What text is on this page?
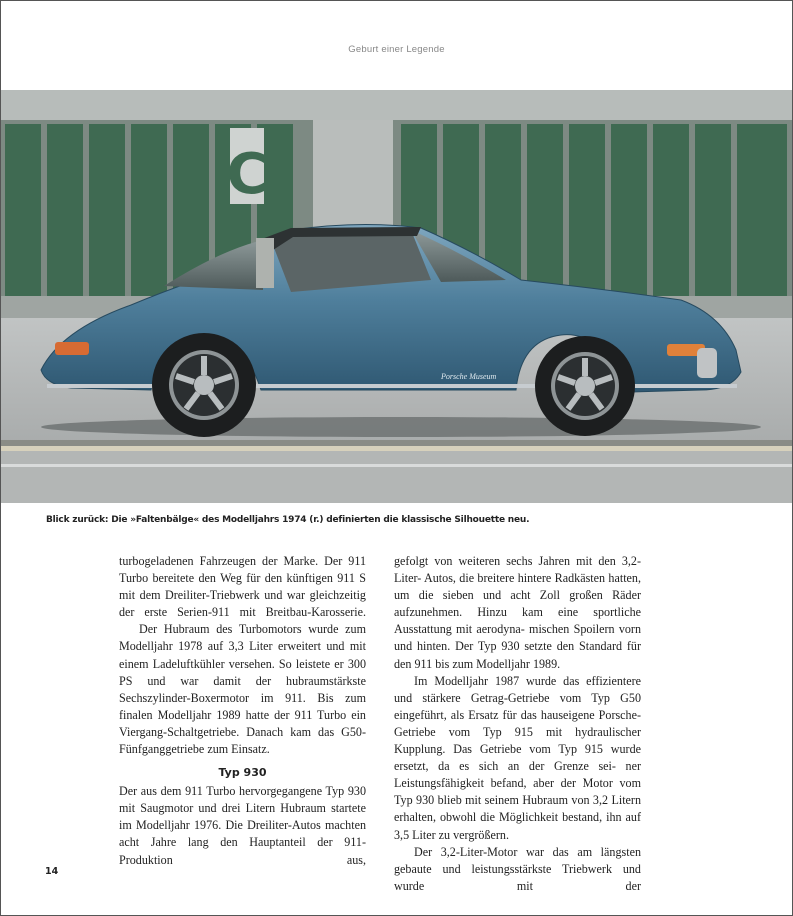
Geburt einer Legende
C
Porsche Museum
Blick zurück: Die »Faltenbälge« des Modelljahrs 1974 (r.) definierten die klassische Silhouette neu.

turbogeladenen Fahrzeugen der Marke. Der 911 Turbo bereitete den Weg für den künftigen 911 S mit dem Dreiliter-Triebwerk und war gleichzeitig der erste Serien-911 mit Breitbau-Karosserie.

Der Hubraum des Turbomotors wurde zum Modelljahr 1978 auf 3,3 Liter erweitert und mit einem Ladeluftkühler versehen. So leistete er 300 PS und war damit der hubraumstärkste Sechszylinder-Boxermotor im 911. Bis zum finalen Modelljahr 1989 hatte der 911 Turbo ein Viergang-Schaltgetriebe. Danach kam das G50-Fünfganggetriebe zum Einsatz.

Typ 930

Der aus dem 911 Turbo hervorgegangene Typ 930 mit Saugmotor und drei Litern Hubraum startete im Modelljahr 1976. Die Dreiliter-Autos machten acht Jahre lang den Hauptanteil der 911-Produktion aus,

gefolgt von weiteren sechs Jahren mit den 3,2-Liter- Autos, die breitere hintere Radkästen hatten, um die sieben und acht Zoll großen Räder aufzunehmen. Hinzu kam eine sportliche Ausstattung mit aerodyna- mischen Spoilern vorn und hinten. Der Typ 930 setzte den Standard für den 911 bis zum Modelljahr 1989.

Im Modelljahr 1987 wurde das effizientere und stärkere Getrag-Getriebe vom Typ G50 eingeführt, als Ersatz für das hauseigene Porsche-Getriebe vom Typ 915 mit hydraulischer Kupplung. Das Getriebe vom Typ 915 wurde ersetzt, da es sich an der Grenze sei- ner Leistungsfähigkeit befand, aber der Motor vom Typ 930 blieb mit seinem Hubraum von 3,2 Litern erhalten, obwohl die Möglichkeit bestand, ihn auf 3,5 Liter zu vergrößern.

Der 3,2-Liter-Motor war das am längsten gebaute und leistungsstärkste Triebwerk und wurde mit der

14
